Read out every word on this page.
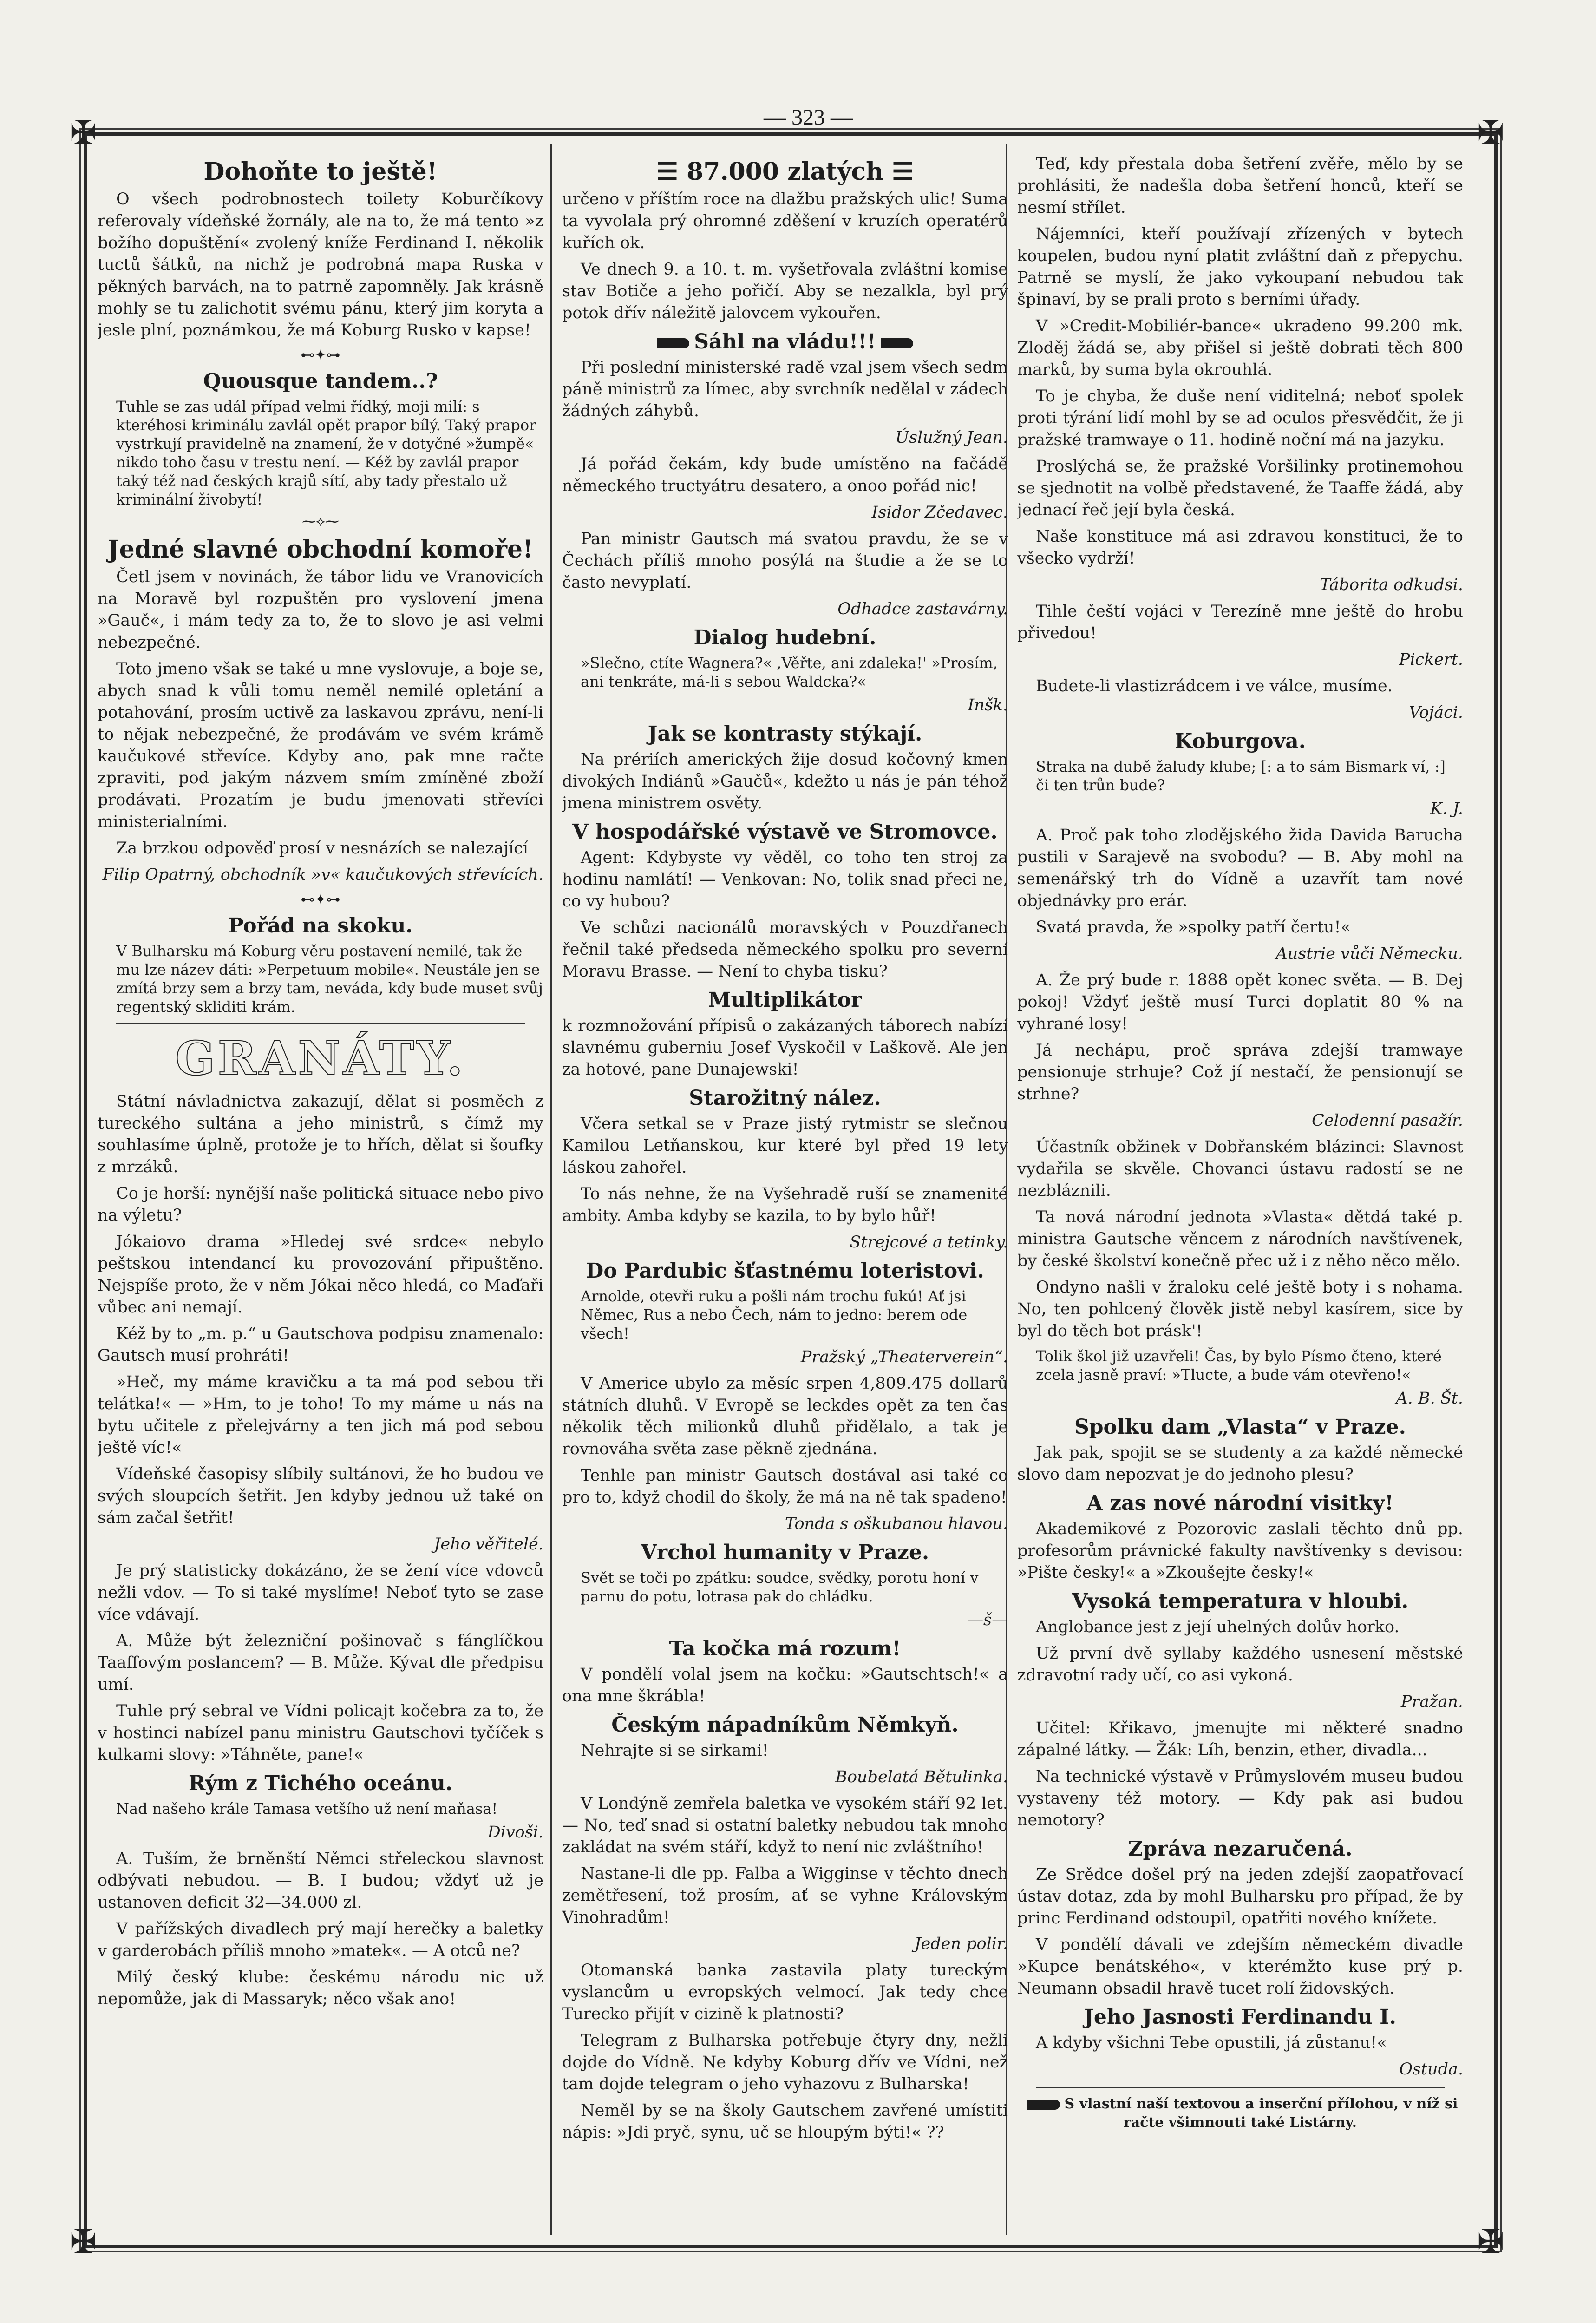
✠	✠
✠	✠
— 323 —
Dohoňte to ještě!
O všech podrobnostech toilety Koburčíkovy referovaly vídeňské žornály, ale na to, že má tento »z božího dopuštění« zvolený kníže Ferdinand I. několik tuctů šátků, na nichž je podrobná mapa Ruska v pěkných barvách, na to patrně zapomněly. Jak krásně mohly se tu zalichotit svému pánu, který jim koryta a jesle plní, poznámkou, že má Koburg Rusko v kapse!
⊷✦⊶
Quousque tandem..?
Tuhle se zas udál případ velmi řídký, moji milí: s kteréhosi kriminálu zavlál opět prapor bílý. Taký prapor vystrkují pravidelně na znamení, že v dotyčné »žumpě« nikdo toho času v trestu není. — Kéž by zavlál prapor taký též nad českých krajů sítí, aby tady přestalo už kriminální živobytí!
⁓⟡⁓
Jedné slavné obchodní komoře!
Četl jsem v novinách, že tábor lidu ve Vranovicích na Moravě byl rozpuštěn pro vyslovení jmena »Gauč«, i mám tedy za to, že to slovo je asi velmi nebezpečné.
Toto jmeno však se také u mne vyslovuje, a boje se, abych snad k vůli tomu neměl nemilé opletání a potahování, prosím uctivě za laskavou zprávu, není-li to nějak nebezpečné, že prodávám ve svém krámě kaučukové střevíce. Kdyby ano, pak mne račte zpraviti, pod jakým názvem smím zmíněné zboží prodávati. Prozatím je budu jmenovati střevíci ministerialními.
Za brzkou odpověď prosí v nesnázích se nalezající
Filip Opatrný, obchodník »v« kaučukových střevících.
⊷✦⊶
Pořád na skoku.
V Bulharsku má Koburg věru postavení nemilé, tak že mu lze název dáti: »Perpetuum mobile«. Neustále jen se zmítá brzy sem a brzy tam, neváda, kdy bude muset svůj regentský skliditi krám.
GRANÁTY.
Státní návladnictva zakazují, dělat si posměch z tureckého sultána a jeho ministrů, s čímž my souhlasíme úplně, protože je to hřích, dělat si šoufky z mrzáků.
Co je horší: nynější naše politická situace nebo pivo na výletu?
Jókaiovo drama »Hledej své srdce« nebylo peštskou intendancí ku provozování připuštěno. Nejspíše proto, že v něm Jókai něco hledá, co Maďaři vůbec ani nemají.
Kéž by to „m. p.“ u Gautschova podpisu znamenalo: Gautsch musí prohráti!
»Heč, my máme kravičku a ta má pod sebou tři telátka!« — »Hm, to je toho! To my máme u nás na bytu učitele z přelejvárny a ten jich má pod sebou ještě víc!«
Vídeňské časopisy slíbily sultánovi, že ho budou ve svých sloupcích šetřit. Jen kdyby jednou už také on sám začal šetřit!
Jeho věřitelé.
Je prý statisticky dokázáno, že se žení více vdovců nežli vdov. — To si také myslíme! Neboť tyto se zase více vdávají.
A. Může být železniční pošinovač s fánglíčkou Taaffovým poslancem? — B. Může. Kývat dle předpisu umí.
Tuhle prý sebral ve Vídni policajt kočebra za to, že v hostinci nabízel panu ministru Gautschovi tyčíček s kulkami slovy: »Táhněte, pane!«
Rým z Tichého oceánu.
Nad našeho krále Tamasa vetšího už není maňasa!
Divoši.
A. Tuším, že brněnští Němci střeleckou slavnost odbývati nebudou. — B. I budou; vždyť už je ustanoven deficit 32—34.000 zl.
V pařížských divadlech prý mají herečky a baletky v garderobách příliš mnoho »matek«. — A otců ne?
Milý český klube: českému národu nic už nepomůže, jak di Massaryk; něco však ano!
☰ 87.000 zlatých ☰
určeno v příštím roce na dlažbu pražských ulic! Suma ta vyvolala prý ohromné zděšení v kruzích operatérů kuřích ok.
Ve dnech 9. a 10. t. m. vyšetřovala zvláštní komise stav Botiče a jeho pořičí. Aby se nezalkla, byl prý potok dřív náležitě jalovcem vykouřen.
Sáhl na vládu!!!
Při poslední ministerské radě vzal jsem všech sedm páně ministrů za límec, aby svrchník nedělal v zádech žádných záhybů.
Úslužný Jean.
Já pořád čekám, kdy bude umístěno na fačádě německého tructyátru desatero, a onoo pořád nic!
Isidor Zčedavec.
Pan ministr Gautsch má svatou pravdu, že se v Čechách příliš mnoho posýlá na študie a že se to často nevyplatí.
Odhadce zastavárny.
Dialog hudební.
»Slečno, ctíte Wagnera?« ,Věřte, ani zdaleka!' »Prosím, ani tenkráte, má-li s sebou Waldcka?«
Inšk.
Jak se kontrasty stýkají.
Na prériích amerických žije dosud kočovný kmen divokých Indiánů »Gaučů«, kdežto u nás je pán téhož jmena ministrem osvěty.
V hospodářské výstavě ve Stromovce.
Agent: Kdybyste vy věděl, co toho ten stroj za hodinu namlátí! — Venkovan: No, tolik snad přeci ne, co vy hubou?
Ve schůzi nacionálů moravských v Pouzdřanech řečnil také předseda německého spolku pro severní Moravu Brasse. — Není to chyba tisku?
Multiplikátor
k rozmnožování přípisů o zakázaných táborech nabízí slavnému guberniu Josef Vyskočil v Laškově. Ale jen za hotové, pane Dunajewski!
Starožitný nález.
Včera setkal se v Praze jistý rytmistr se slečnou Kamilou Letňanskou, kur které byl před 19 lety láskou zahořel.
To nás nehne, že na Vyšehradě ruší se znamenité ambity. Amba kdyby se kazila, to by bylo hůř!
Strejcové a tetinky.
Do Pardubic šťastnému loteristovi.
Arnolde, otevři ruku a pošli nám trochu fukú! Ať jsi Němec, Rus a nebo Čech, nám to jedno: berem ode všech!
Pražský „Theaterverein“.
V Americe ubylo za měsíc srpen 4,809.475 dollarů státních dluhů. V Evropě se leckdes opět za ten čas několik těch milionků dluhů přidělalo, a tak je rovnováha světa zase pěkně zjednána.
Tenhle pan ministr Gautsch dostával asi také co pro to, když chodil do školy, že má na ně tak spadeno!
Tonda s oškubanou hlavou.
Vrchol humanity v Praze.
Svět se toči po zpátku: soudce, svědky, porotu honí v parnu do potu, lotrasa pak do chládku.
—š—
Ta kočka má rozum!
V pondělí volal jsem na kočku: »Gautschtsch!« a ona mne škrábla!
Českým nápadníkům Němkyň.
Nehrajte si se sirkami!
Boubelatá Bětulinka.
V Londýně zemřela baletka ve vysokém stáří 92 let. — No, teď snad si ostatní baletky nebudou tak mnoho zakládat na svém stáří, když to není nic zvláštního!
Nastane-li dle pp. Falba a Wigginse v těchto dnech zemětřesení, tož prosím, ať se vyhne Královským Vinohradům!
Jeden polir.
Otomanská banka zastavila platy tureckým vyslancům u evropských velmocí. Jak tedy chce Turecko přijít v cizině k platnosti?
Telegram z Bulharska potřebuje čtyry dny, nežli dojde do Vídně. Ne kdyby Koburg dřív ve Vídni, než tam dojde telegram o jeho vyhazovu z Bulharska!
Neměl by se na školy Gautschem zavřené umístiti nápis: »Jdi pryč, synu, uč se hloupým býti!« ??
Teď, kdy přestala doba šetření zvěře, mělo by se prohlásiti, že nadešla doba šetření honců, kteří se nesmí střílet.
Nájemníci, kteří používají zřízených v bytech koupelen, budou nyní platit zvláštní daň z přepychu. Patrně se myslí, že jako vykoupaní nebudou tak špinaví, by se prali proto s berními úřady.
V »Credit-Mobiliér-bance« ukradeno 99.200 mk. Zloděj žádá se, aby přišel si ještě dobrati těch 800 marků, by suma byla okrouhlá.
To je chyba, že duše není viditelná; neboť spolek proti týrání lidí mohl by se ad oculos přesvědčit, že ji pražské tramwaye o 11. hodině noční má na jazyku.
Proslýchá se, že pražské Voršilinky protinemohou se sjednotit na volbě představené, že Taaffe žádá, aby jednací řeč její byla česká.
Naše konstituce má asi zdravou konstituci, že to všecko vydrží!
Táborita odkudsi.
Tihle čeští vojáci v Terezíně mne ještě do hrobu přivedou!
Pickert.
Budete-li vlastizrádcem i ve válce, musíme.
Vojáci.
Koburgova.
Straka na dubě žaludy klube; [: a to sám Bismark ví, :] či ten trůn bude?
K. J.
A. Proč pak toho zlodějského žida Davida Barucha pustili v Sarajevě na svobodu? — B. Aby mohl na semenářský trh do Vídně a uzavřít tam nové objednávky pro erár.
Svatá pravda, že »spolky patří čertu!«
Austrie vůči Německu.
A. Že prý bude r. 1888 opět konec světa. — B. Dej pokoj! Vždyť ještě musí Turci doplatit 80 % na vyhrané losy!
Já nechápu, proč správa zdejší tramwaye pensionuje strhuje? Což jí nestačí, že pensionují se strhne?
Celodenní pasažír.
Účastník obžinek v Dobřanském blázinci: Slavnost vydařila se skvěle. Chovanci ústavu radostí se ne nezbláznili.
Ta nová národní jednota »Vlasta« dětdá také p. ministra Gautsche věncem z národních navštívenek, by české školství konečně přec už i z něho něco mělo.
Ondyno našli v žraloku celé ještě boty i s nohama. No, ten pohlcený člověk jistě nebyl kasírem, sice by byl do těch bot prásk'!
Tolik škol již uzavřeli! Čas, by bylo Písmo čteno, které zcela jasně praví: »Tlucte, a bude vám otevřeno!«
A. B. Št.
Spolku dam „Vlasta“ v Praze.
Jak pak, spojit se se studenty a za každé německé slovo dam nepozvat je do jednoho plesu?
A zas nové národní visitky!
Akademikové z Pozorovic zaslali těchto dnů pp. profesorům právnické fakulty navštívenky s devisou: »Pište česky!« a »Zkoušejte česky!«
Vysoká temperatura v hloubi.
Anglobance jest z její uhelných dolův horko.
Už první dvě syllaby každého usnesení městské zdravotní rady učí, co asi vykoná.
Pražan.
Učitel: Křikavo, jmenujte mi některé snadno zápalné látky. — Žák: Líh, benzin, ether, divadla...
Na technické výstavě v Průmyslovém museu budou vystaveny též motory. — Kdy pak asi budou nemotory?
Zpráva nezaručená.
Ze Srědce došel prý na jeden zdejší zaopatřovací ústav dotaz, zda by mohl Bulharsku pro případ, že by princ Ferdinand odstoupil, opatřiti nového knížete.
V pondělí dávali ve zdejším německém divadle »Kupce benátského«, v kterémžto kuse prý p. Neumann obsadil hravě tucet rolí židovských.
Jeho Jasnosti Ferdinandu I.
A kdyby všichni Tebe opustili, já zůstanu!«
Ostuda.
S vlastní naší textovou a inserční přílohou, v níž si račte všimnouti také Listárny.
